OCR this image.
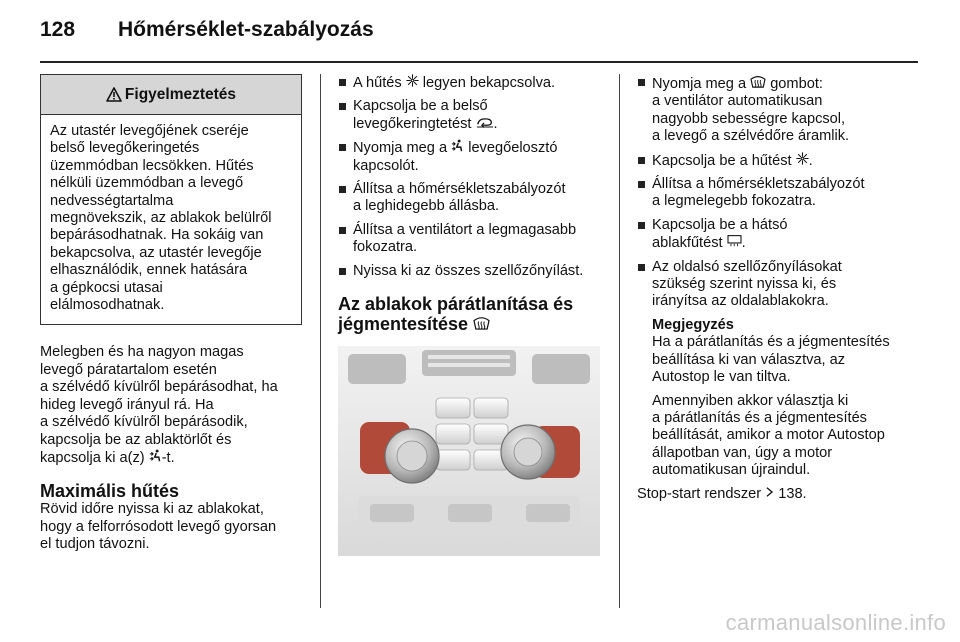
128	Hőmérséklet-szabályozás
Figyelmeztetés
Az utastér levegőjének cseréje
belső levegőkeringetés
üzemmódban lecsökken. Hűtés
nélküli üzemmódban a levegő
nedvességtartalma
megnövekszik, az ablakok belülről
bepárásodhatnak. Ha sokáig van
bekapcsolva, az utastér levegője
elhasználódik, ennek hatására
a gépkocsi utasai
elálmosodhatnak.
Melegben és ha nagyon magas
levegő páratartalom esetén
a szélvédő kívülről bepárásodhat, ha
hideg levegő irányul rá. Ha
a szélvédő kívülről bepárásodik,
kapcsolja be az ablaktörlőt és
kapcsolja ki a(z) -t.
Maximális hűtés
Rövid időre nyissa ki az ablakokat,
hogy a felforrósodott levegő gyorsan
el tudjon távozni.
A hűtés  legyen bekapcsolva.
Kapcsolja be a belső
levegőkeringtetést .
Nyomja meg a  levegőelosztó
kapcsolót.
Állítsa a hőmérsékletszabályozót
a leghidegebb állásba.
Állítsa a ventilátort a legmagasabb
fokozatra.
Nyissa ki az összes szellőzőnyílást.
Az ablakok párátlanítása és
jégmentesítése
Nyomja meg a  gombot:
a ventilátor automatikusan
nagyobb sebességre kapcsol,
a levegő a szélvédőre áramlik.
Kapcsolja be a hűtést .
Állítsa a hőmérsékletszabályozót
a legmelegebb fokozatra.
Kapcsolja be a hátsó
ablakfűtést .
Az oldalsó szellőzőnyílásokat
szükség szerint nyissa ki, és
irányítsa az oldalablakokra.
Megjegyzés

Ha a párátlanítás és a jégmentesítés
beállítása ki van választva, az
Autostop le van tiltva.

Amennyiben akkor választja ki
a párátlanítás és a jégmentesítés
beállítását, amikor a motor Autostop
állapotban van, úgy a motor
automatikusan újraindul.

Stop-start rendszer  138.
carmanualsonline.info
